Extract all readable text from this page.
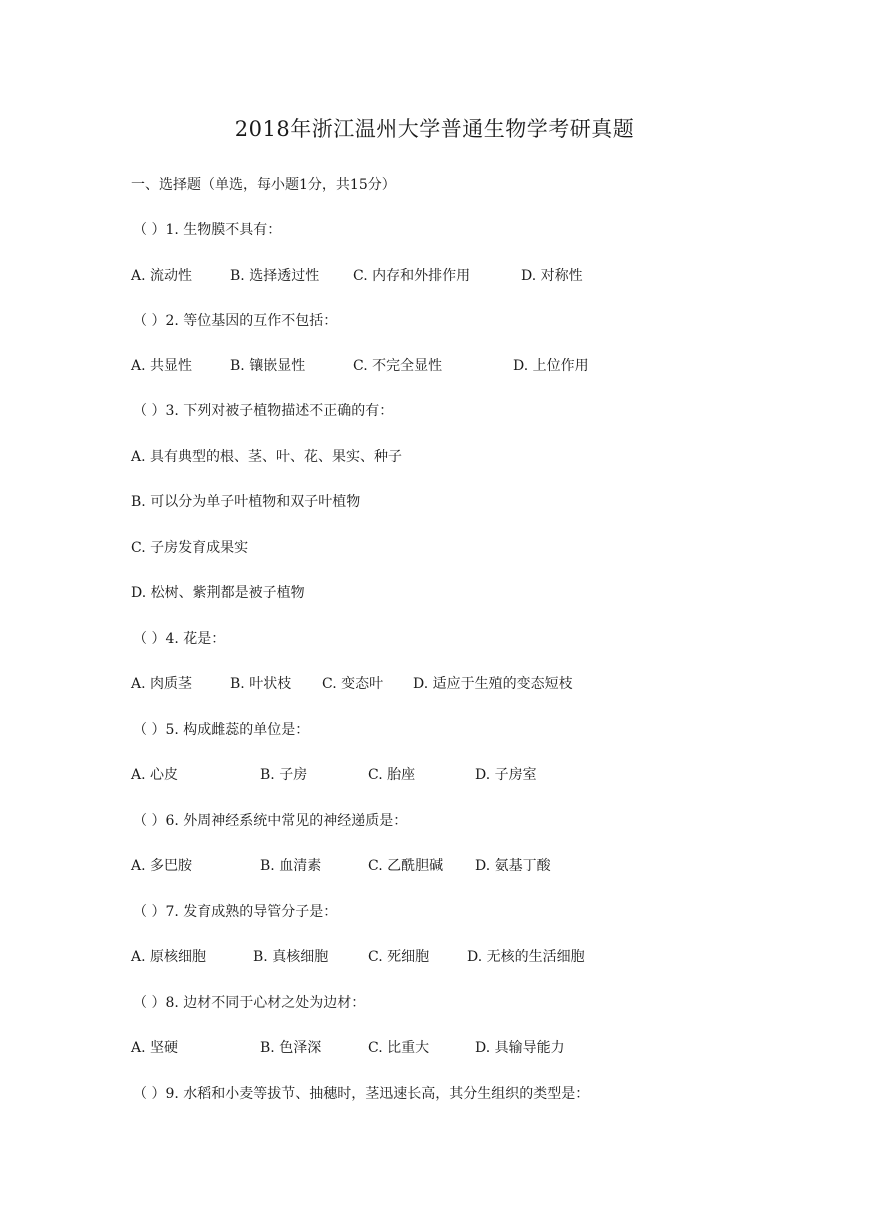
2018年浙江温州大学普通生物学考研真题
一、选择题（单选，每小题1分，共15分）
（ ）1. 生物膜不具有：
A. 流动性	B. 选择透过性 C. 内存和外排作用	D. 对称性
（ ）2. 等位基因的互作不包括：
A. 共显性	B. 镶嵌显性	C. 不完全显性	D. 上位作用
（ ）3. 下列对被子植物描述不正确的有：
A. 具有典型的根、茎、叶、花、果实、种子
B. 可以分为单子叶植物和双子叶植物
C. 子房发育成果实
D. 松树、紫荆都是被子植物
（ ）4. 花是：
A. 肉质茎	B. 叶状枝 C. 变态叶 D. 适应于生殖的变态短枝
（ ）5. 构成雌蕊的单位是：
A. 心皮	B. 子房	C. 胎座	D. 子房室
（ ）6. 外周神经系统中常见的神经递质是：
A. 多巴胺	B. 血清素	C. 乙酰胆碱 D. 氨基丁酸
（ ）7. 发育成熟的导管分子是：
A. 原核细胞	B. 真核细胞	C. 死细胞	D. 无核的生活细胞
（ ）8. 边材不同于心材之处为边材：
A. 坚硬	B. 色泽深	C. 比重大	D. 具输导能力
（ ）9. 水稻和小麦等拔节、抽穗时，茎迅速长高，其分生组织的类型是：
